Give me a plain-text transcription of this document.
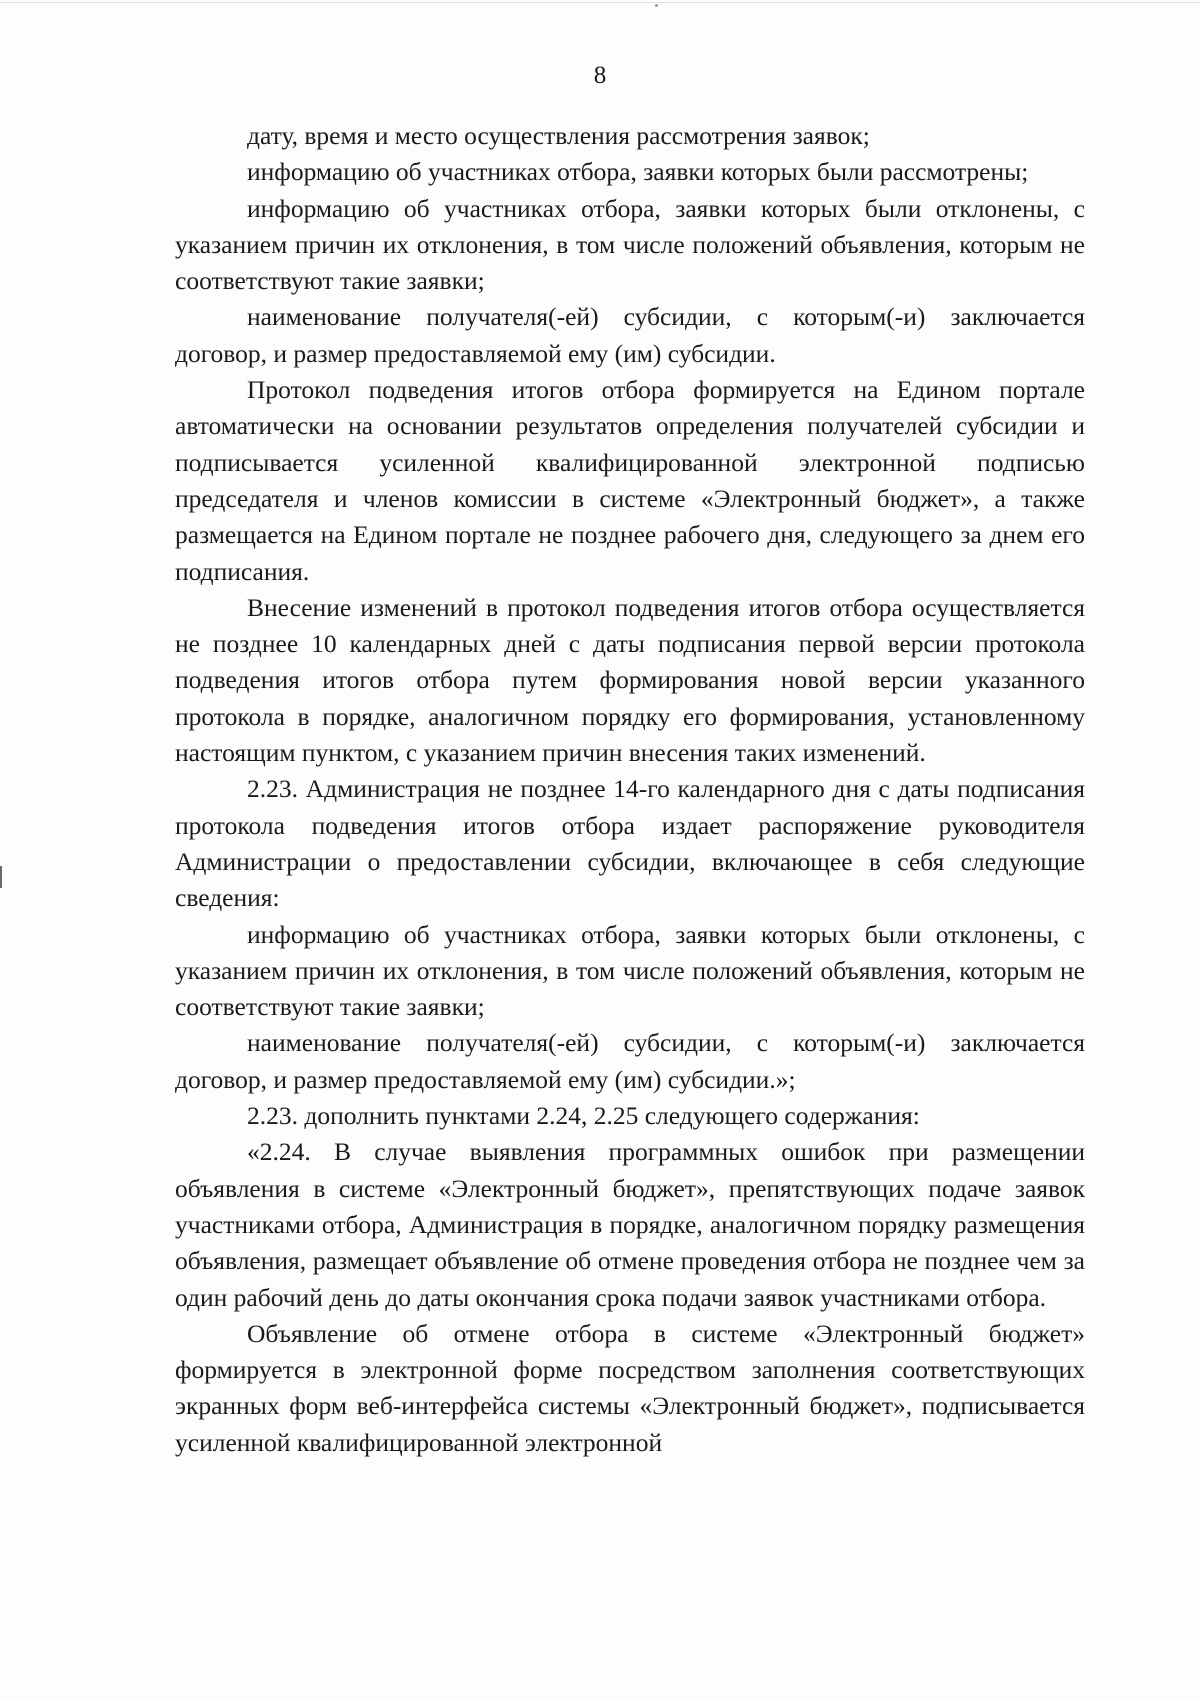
8

дату, время и место осуществления рассмотрения заявок;

информацию об участниках отбора, заявки которых были рассмотрены;

информацию об участниках отбора, заявки которых были отклонены, с указанием причин их отклонения, в том числе положений объявления, которым не соответствуют такие заявки;

наименование получателя(-ей) субсидии, с которым(-и) заключается договор, и размер предоставляемой ему (им) субсидии.

Протокол подведения итогов отбора формируется на Едином портале автоматически на основании результатов определения получателей субсидии и подписывается усиленной квалифицированной электронной подписью председателя и членов комиссии в системе «Электронный бюджет», а также размещается на Едином портале не позднее рабочего дня, следующего за днем его подписания.

Внесение изменений в протокол подведения итогов отбора осуществляется не позднее 10 календарных дней с даты подписания первой версии протокола подведения итогов отбора путем формирования новой версии указанного протокола в порядке, аналогичном порядку его формирования, установленному настоящим пунктом, с указанием причин внесения таких изменений.

2.23. Администрация не позднее 14-го календарного дня с даты подписания протокола подведения итогов отбора издает распоряжение руководителя Администрации о предоставлении субсидии, включающее в себя следующие сведения:

информацию об участниках отбора, заявки которых были отклонены, с указанием причин их отклонения, в том числе положений объявления, которым не соответствуют такие заявки;

наименование получателя(-ей) субсидии, с которым(-и) заключается договор, и размер предоставляемой ему (им) субсидии.»;

2.23. дополнить пунктами 2.24, 2.25 следующего содержания:

«2.24. В случае выявления программных ошибок при размещении объявления в системе «Электронный бюджет», препятствующих подаче заявок участниками отбора, Администрация в порядке, аналогичном порядку размещения объявления, размещает объявление об отмене проведения отбора не позднее чем за один рабочий день до даты окончания срока подачи заявок участниками отбора.

Объявление об отмене отбора в системе «Электронный бюджет» формируется в электронной форме посредством заполнения соответствующих экранных форм веб-интерфейса системы «Электронный бюджет», подписывается усиленной квалифицированной электронной
